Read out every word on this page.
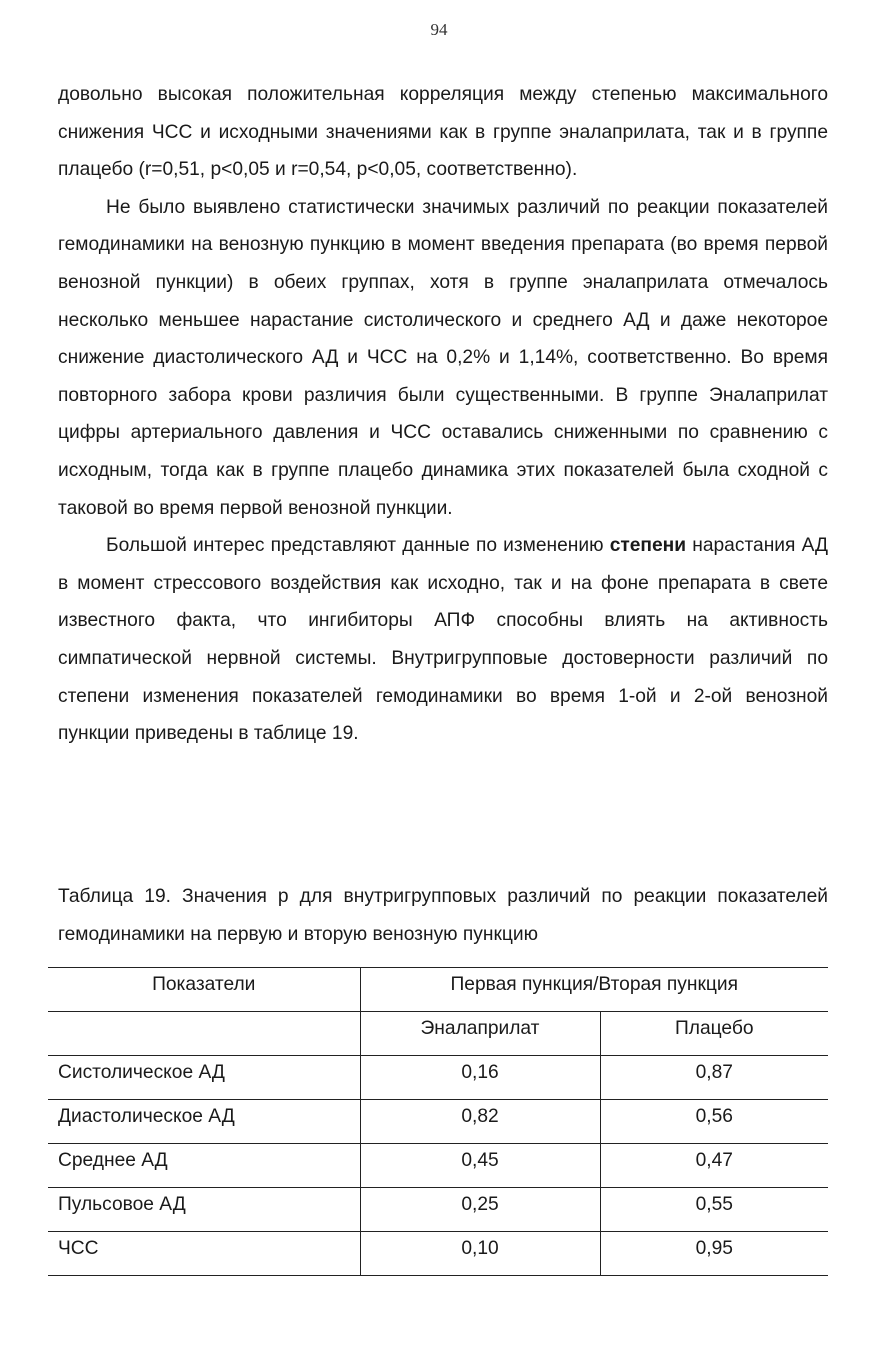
94

довольно высокая положительная корреляция между степенью максимального снижения ЧСС и исходными значениями как в группе эналаприлата, так и в группе плацебо (r=0,51, p<0,05 и r=0,54, p<0,05, соответственно).

Не было выявлено статистически значимых различий по реакции показателей гемодинамики на венозную пункцию в момент введения препарата (во время первой венозной пункции) в обеих группах, хотя в группе эналаприлата отмечалось несколько меньшее нарастание систолического и среднего АД и даже некоторое снижение диастолического АД и ЧСС на 0,2% и 1,14%, соответственно. Во время повторного забора крови различия были существенными. В группе Эналаприлат цифры артериального давления и ЧСС оставались сниженными по сравнению с исходным, тогда как в группе плацебо динамика этих показателей была сходной с таковой во время первой венозной пункции.

Большой интерес представляют данные по изменению степени нарастания АД в момент стрессового воздействия как исходно, так и на фоне препарата в свете известного факта, что ингибиторы АПФ способны влиять на активность симпатической нервной системы. Внутригрупповые достоверности различий по степени изменения показателей гемодинамики во время 1-ой и 2-ой венозной пункции приведены в таблице 19.

Таблица 19. Значения р для внутригрупповых различий по реакции показателей гемодинамики на первую и вторую венозную пункцию

Показатели	Первая пункция/Вторая пункция	
	Эналаприлат	Плацебо
Систолическое АД	0,16	0,87
Диастолическое АД	0,82	0,56
Среднее АД	0,45	0,47
Пульсовое АД	0,25	0,55
ЧСС	0,10	0,95
